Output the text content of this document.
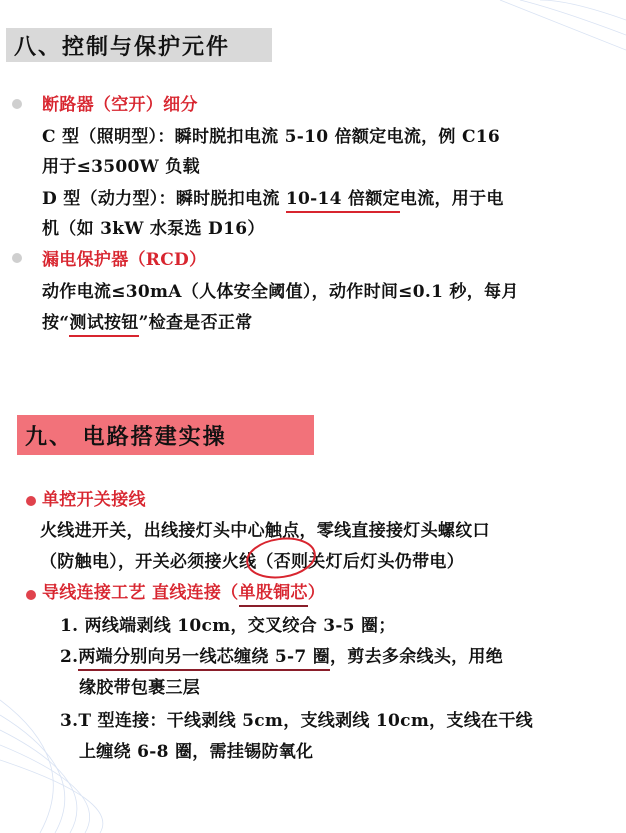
八、控制与保护元件
断路器（空开）细分
C 型（照明型）：瞬时脱扣电流 5-10 倍额定电流，例 C16
用于≤3500W 负载
D 型（动力型）：瞬时脱扣电流 10-14 倍额定电流，用于电
机（如 3kW 水泵选 D16）
漏电保护器（RCD）
动作电流≤30mA（人体安全阈值），动作时间≤0.1 秒，每月
按“测试按钮”检查是否正常
九、 电路搭建实操
单控开关接线
火线进开关，出线接灯头中心触点，零线直接接灯头螺纹口
（防触电），开关必须接火线（否则关灯后灯头仍带电）
导线连接工艺 直线连接（单股铜芯）
1. 两线端剥线 10cm，交叉绞合 3-5 圈；
2.两端分别向另一线芯缠绕 5-7 圈，剪去多余线头，用绝
缘胶带包裹三层
3.T 型连接：干线剥线 5cm，支线剥线 10cm，支线在干线
上缠绕 6-8 圈，需挂锡防氧化
